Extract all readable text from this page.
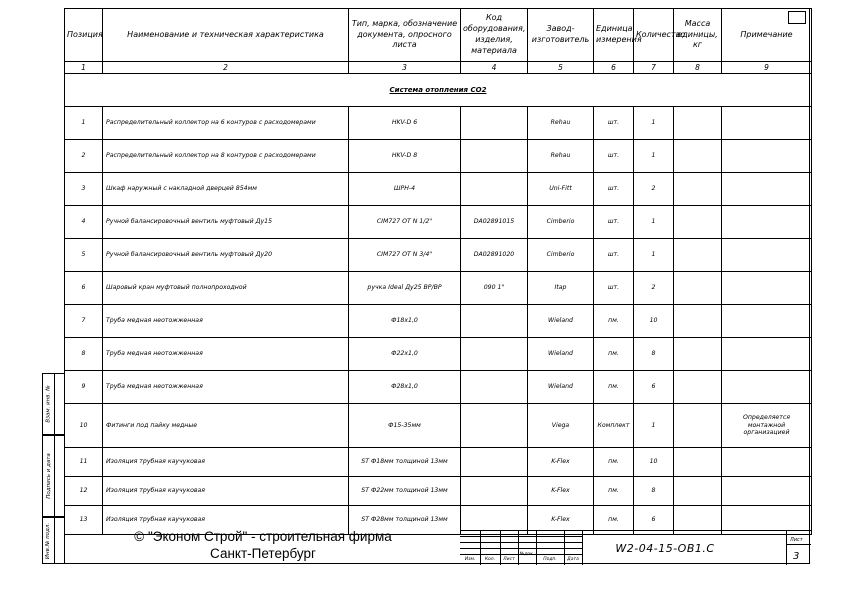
Позиция	Наименование и техническая характеристика	Тип, марка, обозначение документа, опросного листа	Код оборудования, изделия, материала	Завод-изготовитель	Единица измерения	Количество	Масса единицы, кг	Примечание
1	2	3	4	5	6	7	8	9
Система отопления СО2								
1	Распределительный коллектор на 6 контуров с расходомерами	HKV-D 6		Rehau	шт.	1		
2	Распределительный коллектор на 8 контуров с расходомерами	HKV-D 8		Rehau	шт.	1		
3	Шкаф наружный с накладной дверцей 854мм	ШРН-4		Uni-Fitt	шт.	2		
4	Ручной балансировочный вентиль муфтовый Ду15	CIM727 OT N 1/2"	DA02891015	Cimberio	шт.	1		
5	Ручной балансировочный вентиль муфтовый Ду20	CIM727 OT N 3/4"	DA02891020	Cimberio	шт.	1		
6	Шаровый кран муфтовый полнопроходной	ручка Ideal Ду25 ВР/ВР	090 1"	Itap	шт.	2		
7	Труба медная неотожженная	Ф18х1,0		Wieland	пм.	10		
8	Труба медная неотожженная	Ф22х1,0		Wieland	пм.	8		
9	Труба медная неотожженная	Ф28х1,0		Wieland	пм.	6		
10	Фитинги под пайку медные	Ф15-35мм		Viega	Комплект	1		Определяется монтажной организацией
11	Изоляция трубная каучуковая	ST Ф18мм толщиной 13мм		K-Flex	пм.	10		
12	Изоляция трубная каучуковая	ST Ф22мм толщиной 13мм		K-Flex	пм.	8		
13	Изоляция трубная каучуковая	ST Ф28мм толщиной 13мм		K-Flex	пм.	6		
Взам. инв. №
Подпись и дата
Инв.№ подл.	© "Эконом Строй" - строительная фирма
Санкт-Петербург	Изм.	Кол.	Лист
№док.
Подп.	Дата
W2-04-15-OB1.C
Лист
3
